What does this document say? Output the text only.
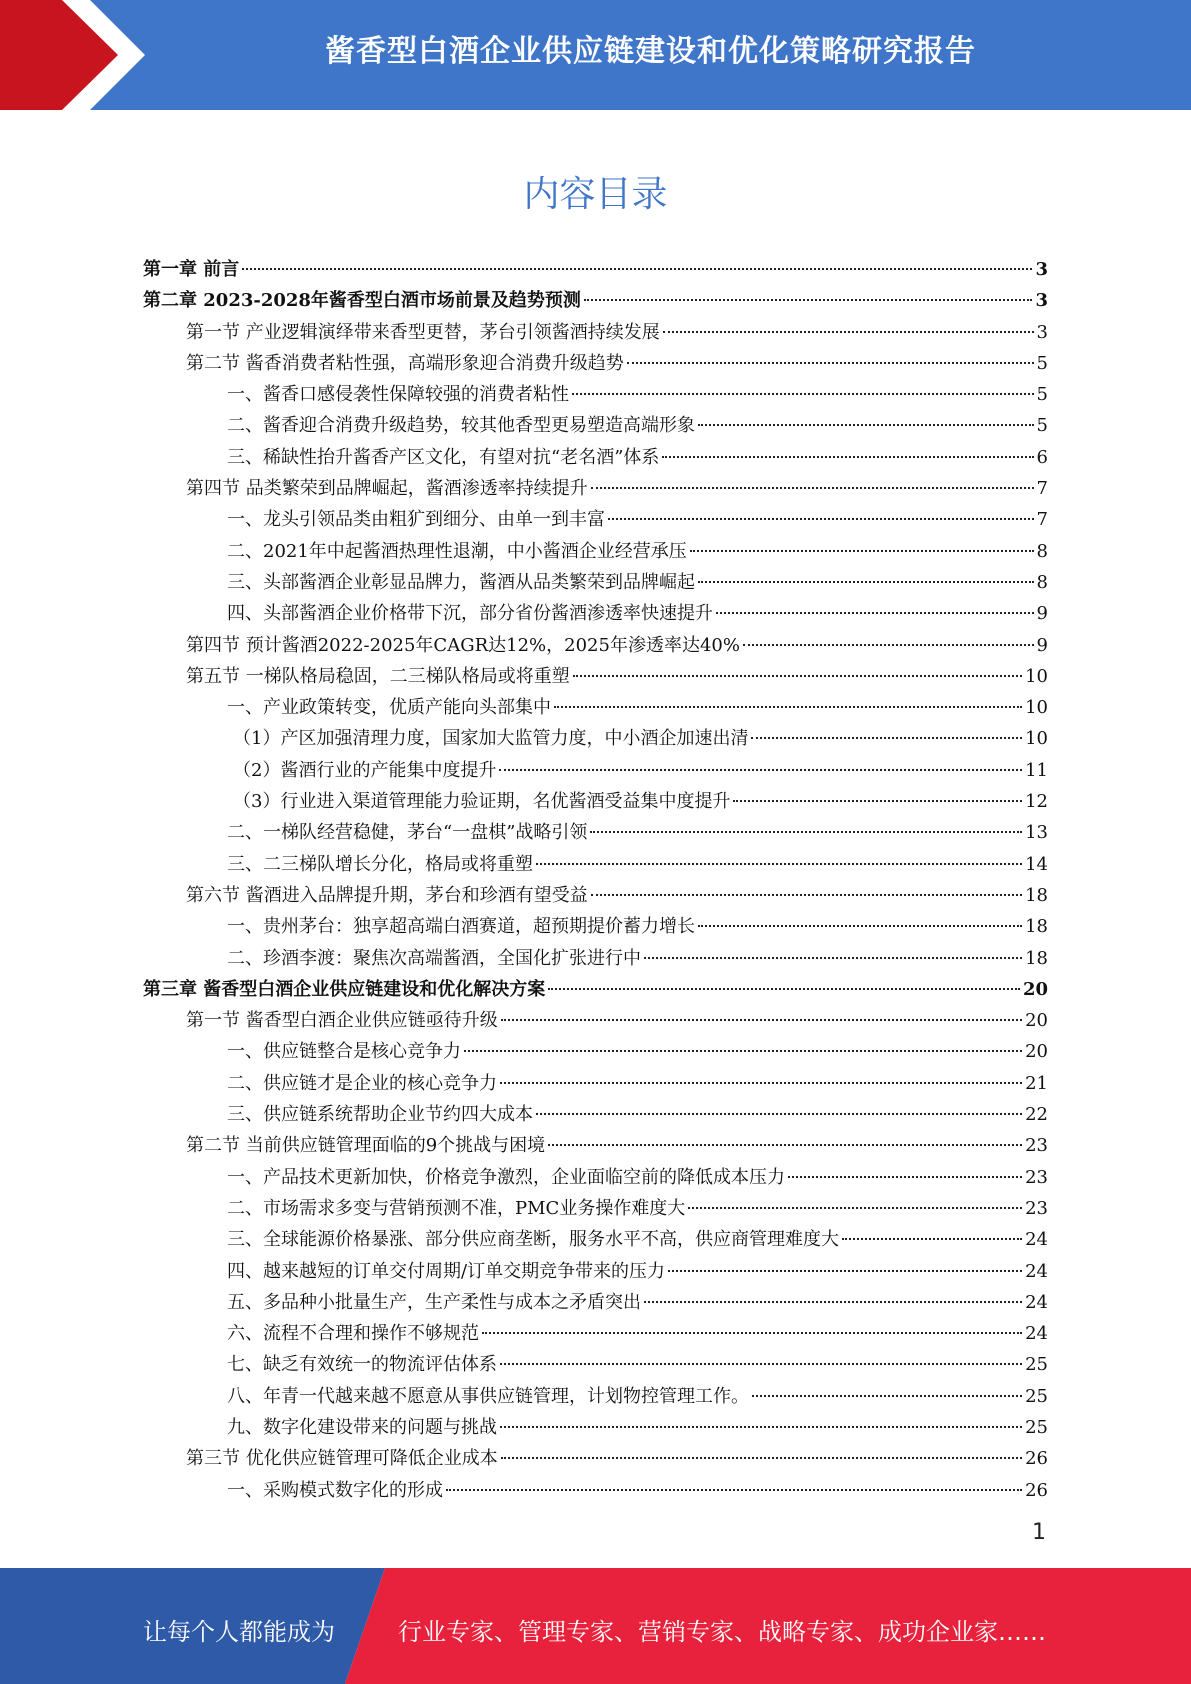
酱香型白酒企业供应链建设和优化策略研究报告
内容目录
第一章 前言	3
第二章 2023-2028年酱香型白酒市场前景及趋势预测	3
第一节 产业逻辑演绎带来香型更替，茅台引领酱酒持续发展	3
第二节 酱香消费者粘性强，高端形象迎合消费升级趋势	5
一、酱香口感侵袭性保障较强的消费者粘性	5
二、酱香迎合消费升级趋势，较其他香型更易塑造高端形象	5
三、稀缺性抬升酱香产区文化，有望对抗“老名酒”体系	6
第四节 品类繁荣到品牌崛起，酱酒渗透率持续提升	7
一、龙头引领品类由粗犷到细分、由单一到丰富	7
二、2021年中起酱酒热理性退潮，中小酱酒企业经营承压	8
三、头部酱酒企业彰显品牌力，酱酒从品类繁荣到品牌崛起	8
四、头部酱酒企业价格带下沉，部分省份酱酒渗透率快速提升	9
第四节 预计酱酒2022-2025年CAGR达12%，2025年渗透率达40%	9
第五节 一梯队格局稳固，二三梯队格局或将重塑	10
一、产业政策转变，优质产能向头部集中	10
（1）产区加强清理力度，国家加大监管力度，中小酒企加速出清	10
（2）酱酒行业的产能集中度提升	11
（3）行业进入渠道管理能力验证期，名优酱酒受益集中度提升	12
二、一梯队经营稳健，茅台“一盘棋”战略引领	13
三、二三梯队增长分化，格局或将重塑	14
第六节 酱酒进入品牌提升期，茅台和珍酒有望受益	18
一、贵州茅台：独享超高端白酒赛道，超预期提价蓄力增长	18
二、珍酒李渡：聚焦次高端酱酒，全国化扩张进行中	18
第三章 酱香型白酒企业供应链建设和优化解决方案	20
第一节 酱香型白酒企业供应链亟待升级	20
一、供应链整合是核心竞争力	20
二、供应链才是企业的核心竞争力	21
三、供应链系统帮助企业节约四大成本	22
第二节 当前供应链管理面临的9个挑战与困境	23
一、产品技术更新加快，价格竞争激烈，企业面临空前的降低成本压力	23
二、市场需求多变与营销预测不准，PMC业务操作难度大	23
三、全球能源价格暴涨、部分供应商垄断，服务水平不高，供应商管理难度大	24
四、越来越短的订单交付周期/订单交期竞争带来的压力	24
五、多品种小批量生产，生产柔性与成本之矛盾突出	24
六、流程不合理和操作不够规范	24
七、缺乏有效统一的物流评估体系	25
八、年青一代越来越不愿意从事供应链管理，计划物控管理工作。	25
九、数字化建设带来的问题与挑战	25
第三节 优化供应链管理可降低企业成本	26
一、采购模式数字化的形成	26
1
让每个人都能成为	行业专家、管理专家、营销专家、战略专家、成功企业家……
